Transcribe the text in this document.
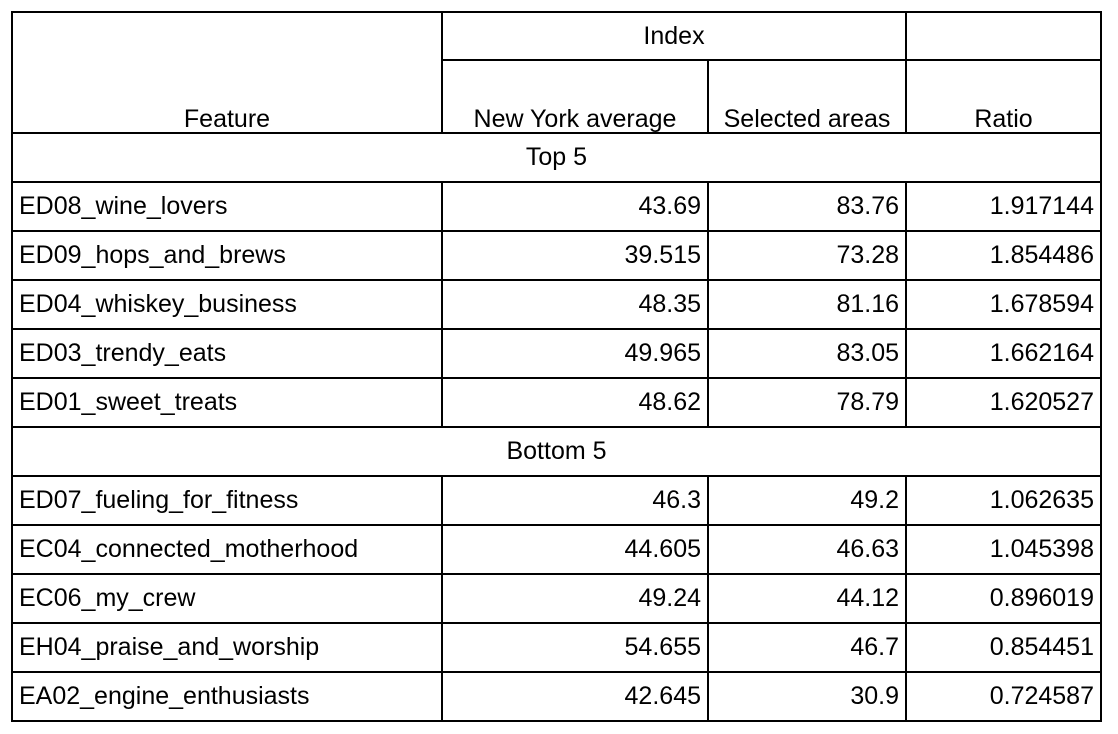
Feature	Index		
	New York average	Selected areas	Ratio
Top 5			
ED08_wine_lovers	43.69	83.76	1.917144
ED09_hops_and_brews	39.515	73.28	1.854486
ED04_whiskey_business	48.35	81.16	1.678594
ED03_trendy_eats	49.965	83.05	1.662164
ED01_sweet_treats	48.62	78.79	1.620527
Bottom 5			
ED07_fueling_for_fitness	46.3	49.2	1.062635
EC04_connected_motherhood	44.605	46.63	1.045398
EC06_my_crew	49.24	44.12	0.896019
EH04_praise_and_worship	54.655	46.7	0.854451
EA02_engine_enthusiasts	42.645	30.9	0.724587
